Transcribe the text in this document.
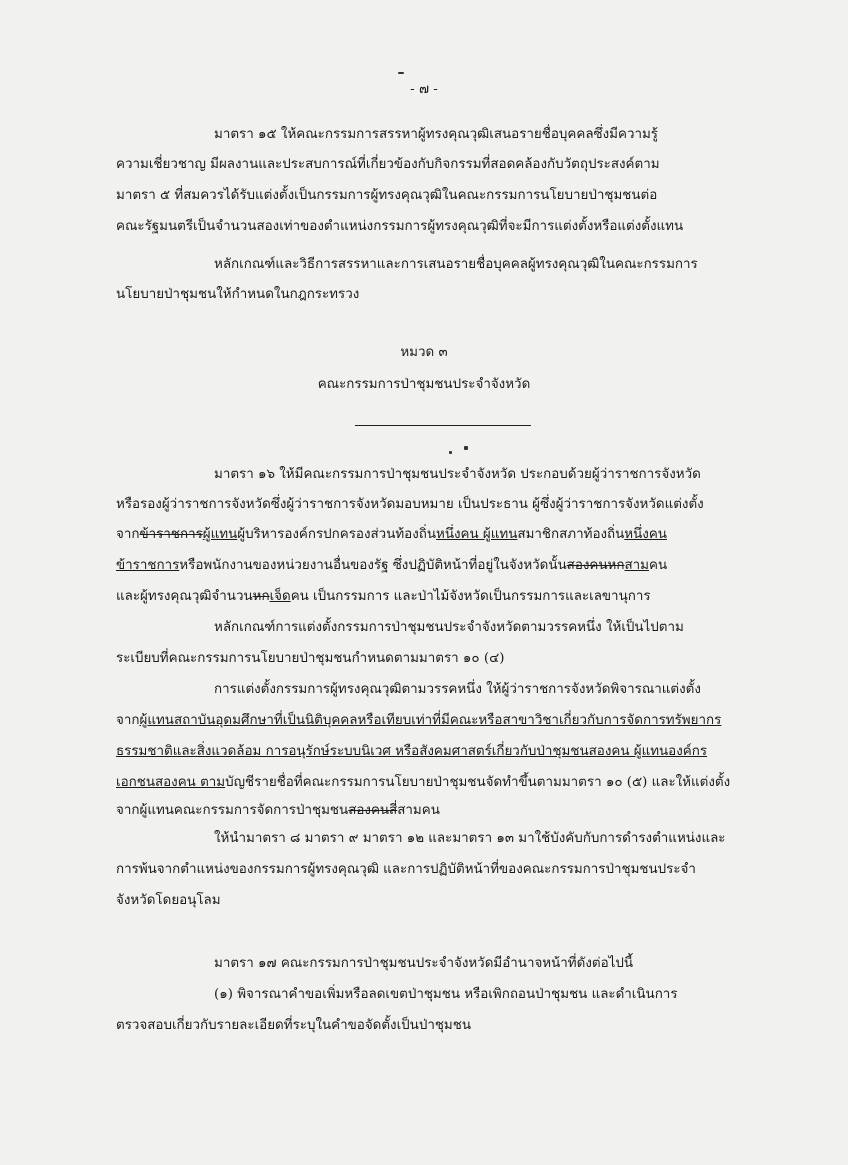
- ๗ -
มาตรา ๑๕ ให้คณะกรรมการสรรหาผู้ทรงคุณวุฒิเสนอรายชื่อบุคคลซึ่งมีความรู้
ความเชี่ยวชาญ มีผลงานและประสบการณ์ที่เกี่ยวข้องกับกิจกรรมที่สอดคล้องกับวัตถุประสงค์ตาม
มาตรา ๕ ที่สมควรได้รับแต่งตั้งเป็นกรรมการผู้ทรงคุณวุฒิในคณะกรรมการนโยบายป่าชุมชนต่อ
คณะรัฐมนตรีเป็นจำนวนสองเท่าของตำแหน่งกรรมการผู้ทรงคุณวุฒิที่จะมีการแต่งตั้งหรือแต่งตั้งแทน
หลักเกณฑ์และวิธีการสรรหาและการเสนอรายชื่อบุคคลผู้ทรงคุณวุฒิในคณะกรรมการ
นโยบายป่าชุมชนให้กำหนดในกฎกระทรวง
หมวด ๓
คณะกรรมการป่าชุมชนประจำจังหวัด
มาตรา ๑๖ ให้มีคณะกรรมการป่าชุมชนประจำจังหวัด ประกอบด้วยผู้ว่าราชการจังหวัด
หรือรองผู้ว่าราชการจังหวัดซึ่งผู้ว่าราชการจังหวัดมอบหมาย เป็นประธาน ผู้ซึ่งผู้ว่าราชการจังหวัดแต่งตั้ง
จากข้าราชการผู้แทนผู้บริหารองค์กรปกครองส่วนท้องถิ่นหนึ่งคน ผู้แทนสมาชิกสภาท้องถิ่นหนึ่งคน
ข้าราชการหรือพนักงานของหน่วยงานอื่นของรัฐ ซึ่งปฏิบัติหน้าที่อยู่ในจังหวัดนั้นสองคนหกสามคน
และผู้ทรงคุณวุฒิจำนวนหกเจ็ดคน เป็นกรรมการ และป่าไม้จังหวัดเป็นกรรมการและเลขานุการ
หลักเกณฑ์การแต่งตั้งกรรมการป่าชุมชนประจำจังหวัดตามวรรคหนึ่ง ให้เป็นไปตาม
ระเบียบที่คณะกรรมการนโยบายป่าชุมชนกำหนดตามมาตรา ๑๐ (๔)
การแต่งตั้งกรรมการผู้ทรงคุณวุฒิตามวรรคหนึ่ง ให้ผู้ว่าราชการจังหวัดพิจารณาแต่งตั้ง
จากผู้แทนสถาบันอุดมศึกษาที่เป็นนิติบุคคลหรือเทียบเท่าที่มีคณะหรือสาขาวิชาเกี่ยวกับการจัดการทรัพยากร
ธรรมชาติและสิ่งแวดล้อม การอนุรักษ์ระบบนิเวศ หรือสังคมศาสตร์เกี่ยวกับป่าชุมชนสองคน ผู้แทนองค์กร
เอกชนสองคน ตามบัญชีรายชื่อที่คณะกรรมการนโยบายป่าชุมชนจัดทำขึ้นตามมาตรา ๑๐ (๕) และให้แต่งตั้ง
จากผู้แทนคณะกรรมการจัดการป่าชุมชนสองคนสี่สามคน
ให้นำมาตรา ๘ มาตรา ๙ มาตรา ๑๒ และมาตรา ๑๓ มาใช้บังคับกับการดำรงตำแหน่งและ
การพ้นจากตำแหน่งของกรรมการผู้ทรงคุณวุฒิ และการปฏิบัติหน้าที่ของคณะกรรมการป่าชุมชนประจำ
จังหวัดโดยอนุโลม
มาตรา ๑๗ คณะกรรมการป่าชุมชนประจำจังหวัดมีอำนาจหน้าที่ดังต่อไปนี้
(๑) พิจารณาคำขอเพิ่มหรือลดเขตป่าชุมชน หรือเพิกถอนป่าชุมชน และดำเนินการ
ตรวจสอบเกี่ยวกับรายละเอียดที่ระบุในคำขอจัดตั้งเป็นป่าชุมชน
